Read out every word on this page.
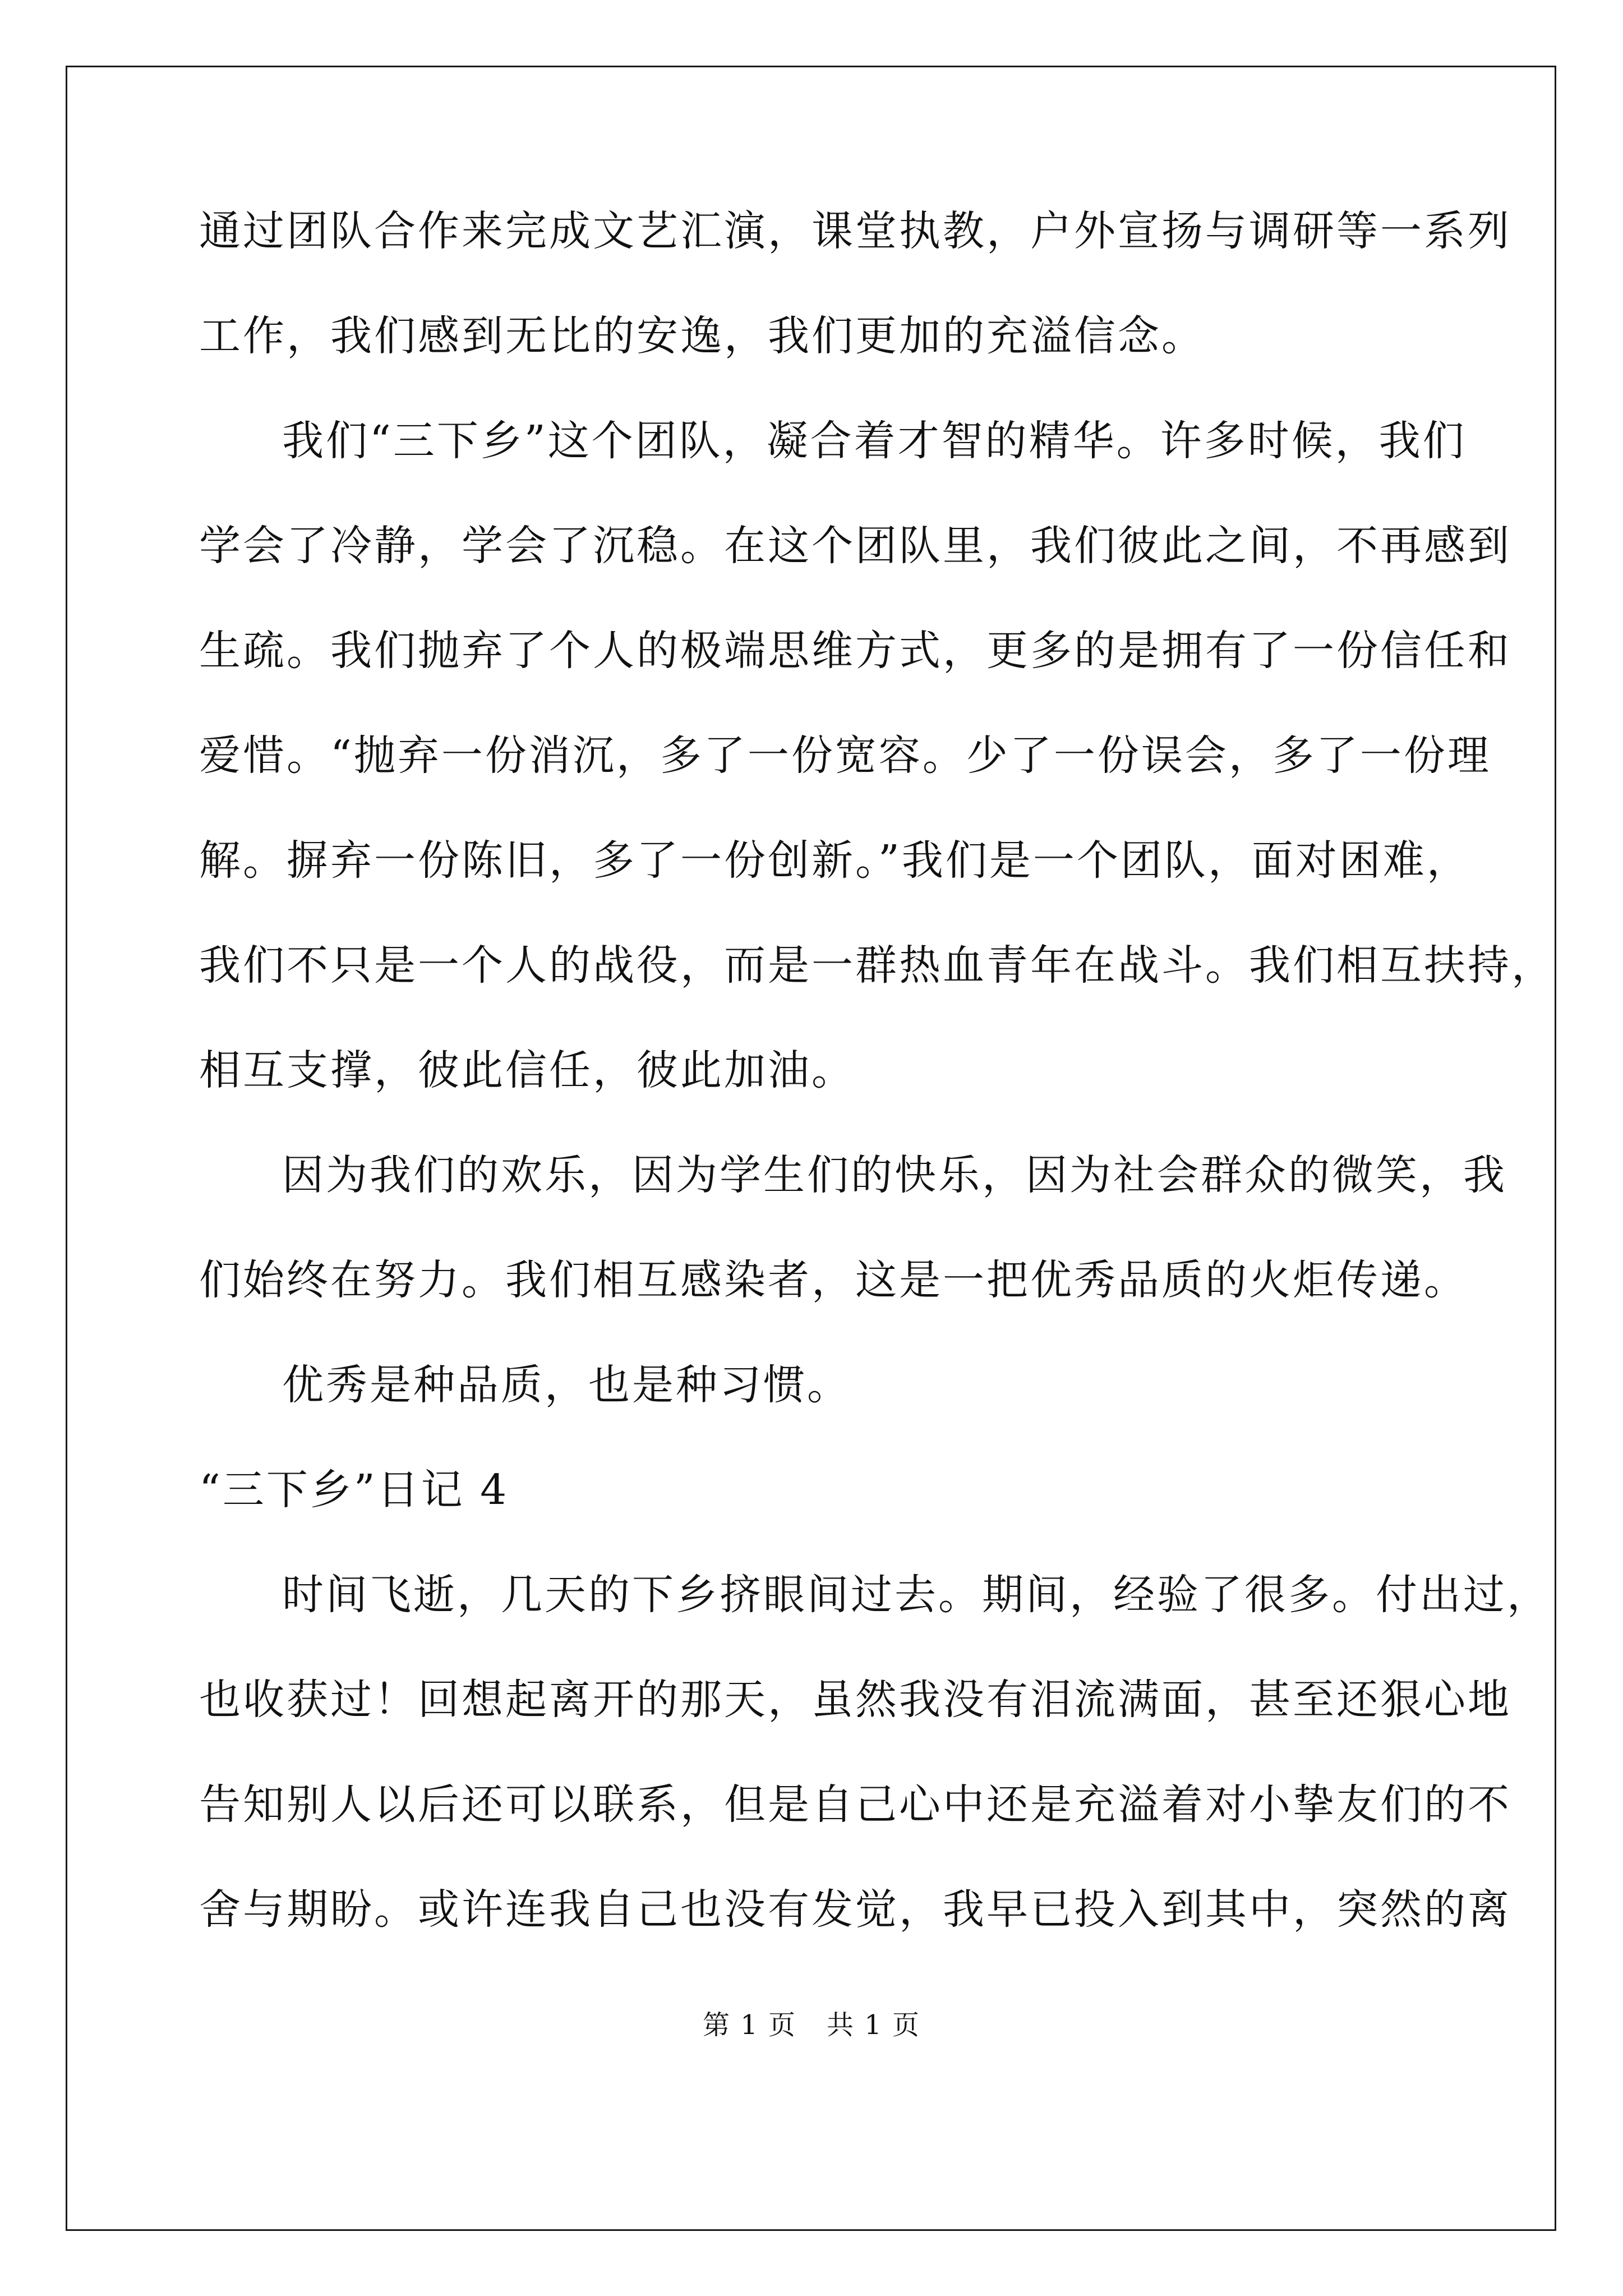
通过团队合作来完成文艺汇演，课堂执教，户外宣扬与调研等一系列
工作，我们感到无比的安逸，我们更加的充溢信念。
我们“三下乡”这个团队，凝合着才智的精华。许多时候，我们
学会了冷静，学会了沉稳。在这个团队里，我们彼此之间，不再感到
生疏。我们抛弃了个人的极端思维方式，更多的是拥有了一份信任和
爱惜。“抛弃一份消沉，多了一份宽容。少了一份误会，多了一份理
解。摒弃一份陈旧，多了一份创新。”我们是一个团队，面对困难，
我们不只是一个人的战役，而是一群热血青年在战斗。我们相互扶持，
相互支撑，彼此信任，彼此加油。
因为我们的欢乐，因为学生们的快乐，因为社会群众的微笑，我
们始终在努力。我们相互感染者，这是一把优秀品质的火炬传递。
优秀是种品质，也是种习惯。
“三下乡”日记 4
时间飞逝，几天的下乡挤眼间过去。期间，经验了很多。付出过，
也收获过！回想起离开的那天，虽然我没有泪流满面，甚至还狠心地
告知别人以后还可以联系，但是自己心中还是充溢着对小挚友们的不
舍与期盼。或许连我自己也没有发觉，我早已投入到其中，突然的离
第 1 页 共 1 页
